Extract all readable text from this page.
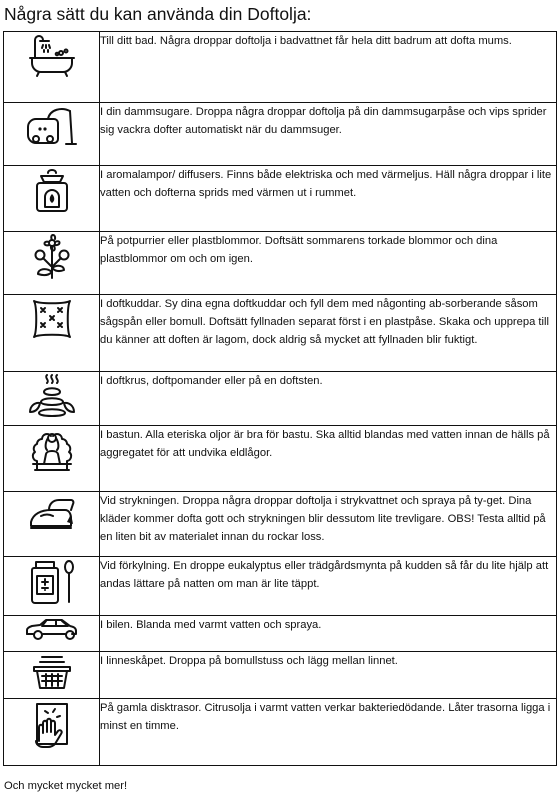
Några sätt du kan använda din Doftolja:
	Till ditt bad. Några droppar doftolja i badvattnet får hela ditt badrum att dofta mums.

	I din dammsugare. Droppa några droppar doftolja på din dammsugarpåse och vips sprider sig vackra dofter automatiskt när du dammsuger.

	I aromalampor/ diffusers. Finns både elektriska och med värmeljus. Häll några droppar i lite vatten och dofterna sprids med värmen ut i rummet.

	På potpurrier eller plastblommor. Doftsätt sommarens torkade blommor och dina plastblommor om och om igen.

	I doftkuddar. Sy dina egna doftkuddar och fyll dem med någonting ab-sorberande såsom sågspån eller bomull. Doftsätt fyllnaden separat först i en plastpåse. Skaka och upprepa till du känner att doften är lagom, dock aldrig så mycket att fyllnaden blir fuktigt.

	I doftkrus, doftpomander eller på en doftsten.

	I bastun. Alla eteriska oljor är bra för bastu. Ska alltid blandas med vatten innan de hälls på aggregatet för att undvika eldlågor.

	Vid strykningen. Droppa några droppar doftolja i strykvattnet och spraya på ty-get. Dina kläder kommer dofta gott och strykningen blir dessutom lite trevligare. OBS! Testa alltid på en liten bit av materialet innan du rockar loss.

	Vid förkylning. En droppe eukalyptus eller trädgårdsmynta på kudden så får du lite hjälp att andas lättare på natten om man är lite täppt.

	I bilen. Blanda med varmt vatten och spraya.

	I linneskåpet. Droppa på bomullstuss och lägg mellan linnet.

	På gamla disktrasor. Citrusolja i varmt vatten verkar bakteriedödande. Låter trasorna ligga i minst en timme.
Och mycket mycket mer!
